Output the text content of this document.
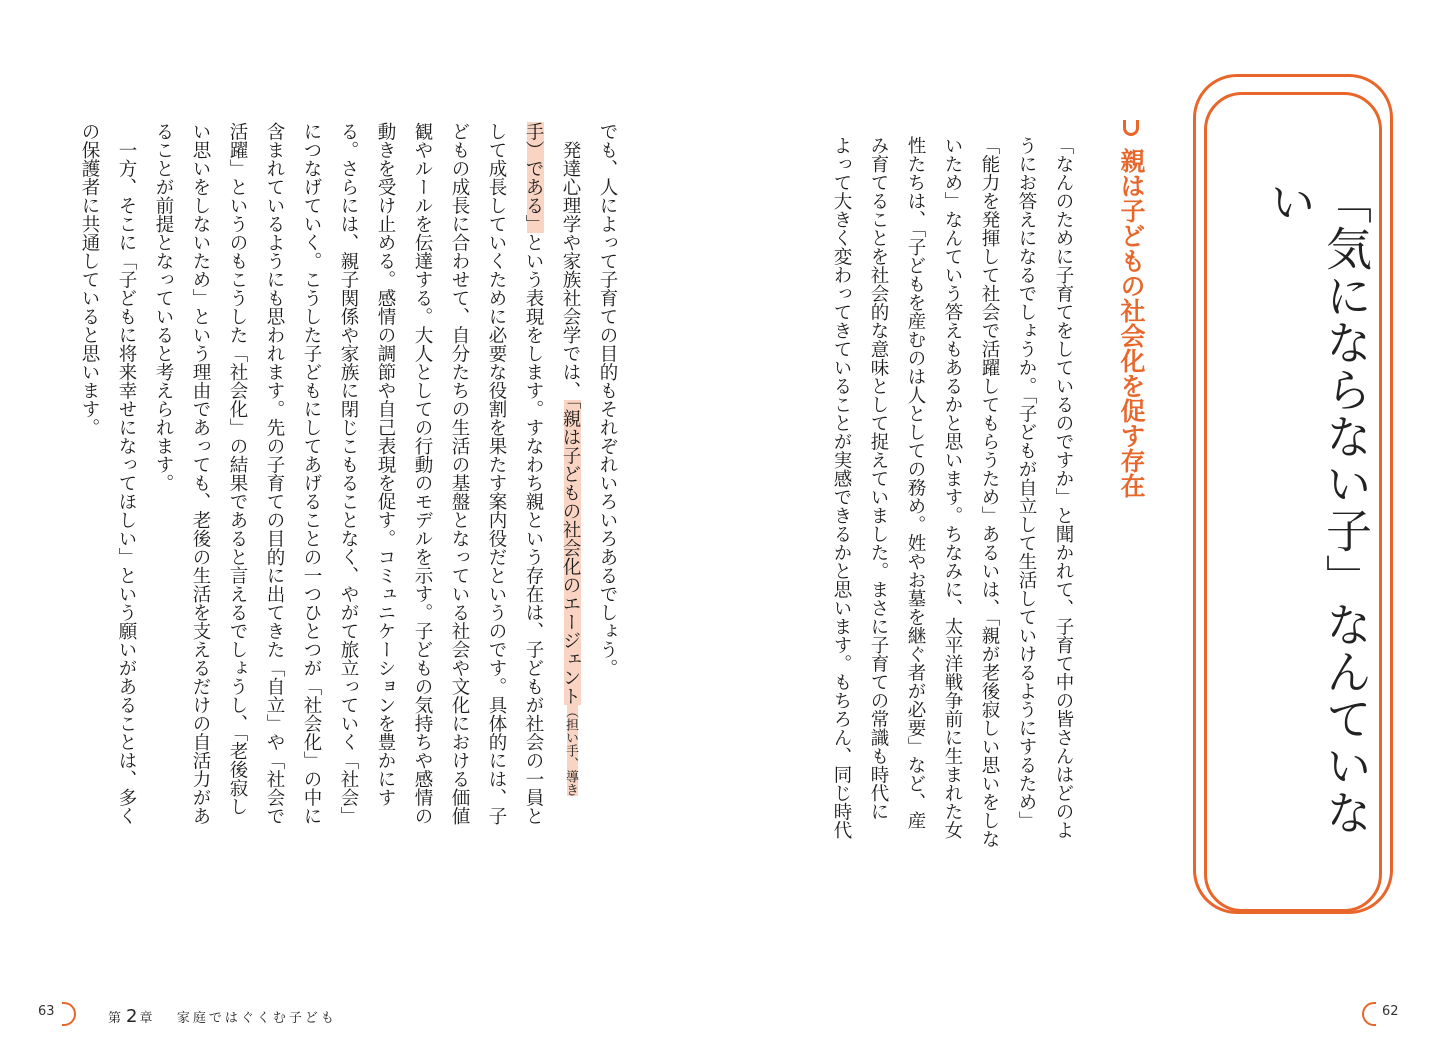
「気にならない子」なんていない
親は子どもの社会化を促す存在
「なんのために子育てをしているのですか」と聞かれて、子育て中の皆さんはどのよ
うにお答えになるでしょうか。「子どもが自立して生活していけるようにするため」
「能力を発揮して社会で活躍してもらうため」あるいは、「親が老後寂しい思いをしな
いため」なんていう答えもあるかと思います。ちなみに、太平洋戦争前に生まれた女
性たちは、「子どもを産むのは人としての務め。姓やお墓を継ぐ者が必要」など、産
み育てることを社会的な意味として捉えていました。まさに子育ての常識も時代に
よって大きく変わってきていることが実感できるかと思います。もちろん、同じ時代
でも、人によって子育ての目的もそれぞれいろいろあるでしょう。
　発達心理学や家族社会学では、「親は子どもの社会化のエージェント（担い手、導き
手）である」という表現をします。すなわち親という存在は、子どもが社会の一員と
して成長していくために必要な役割を果たす案内役だというのです。具体的には、子
どもの成長に合わせて、自分たちの生活の基盤となっている社会や文化における価値
観やルールを伝達する。大人としての行動のモデルを示す。子どもの気持ちや感情の
動きを受け止める。感情の調節や自己表現を促す。コミュニケーションを豊かにす
る。さらには、親子関係や家族に閉じこもることなく、やがて旅立っていく「社会」
につなげていく。こうした子どもにしてあげることの一つひとつが「社会化」の中に
含まれているようにも思われます。先の子育ての目的に出てきた「自立」や「社会で
活躍」というのもこうした「社会化」の結果であると言えるでしょうし、「老後寂し
い思いをしないため」という理由であっても、老後の生活を支えるだけの自活力があ
ることが前提となっていると考えられます。
　一方、そこに「子どもに将来幸せになってほしい」という願いがあることは、多く
の保護者に共通していると思います。
63	第 2 章 家庭ではぐくむ子ども	62
